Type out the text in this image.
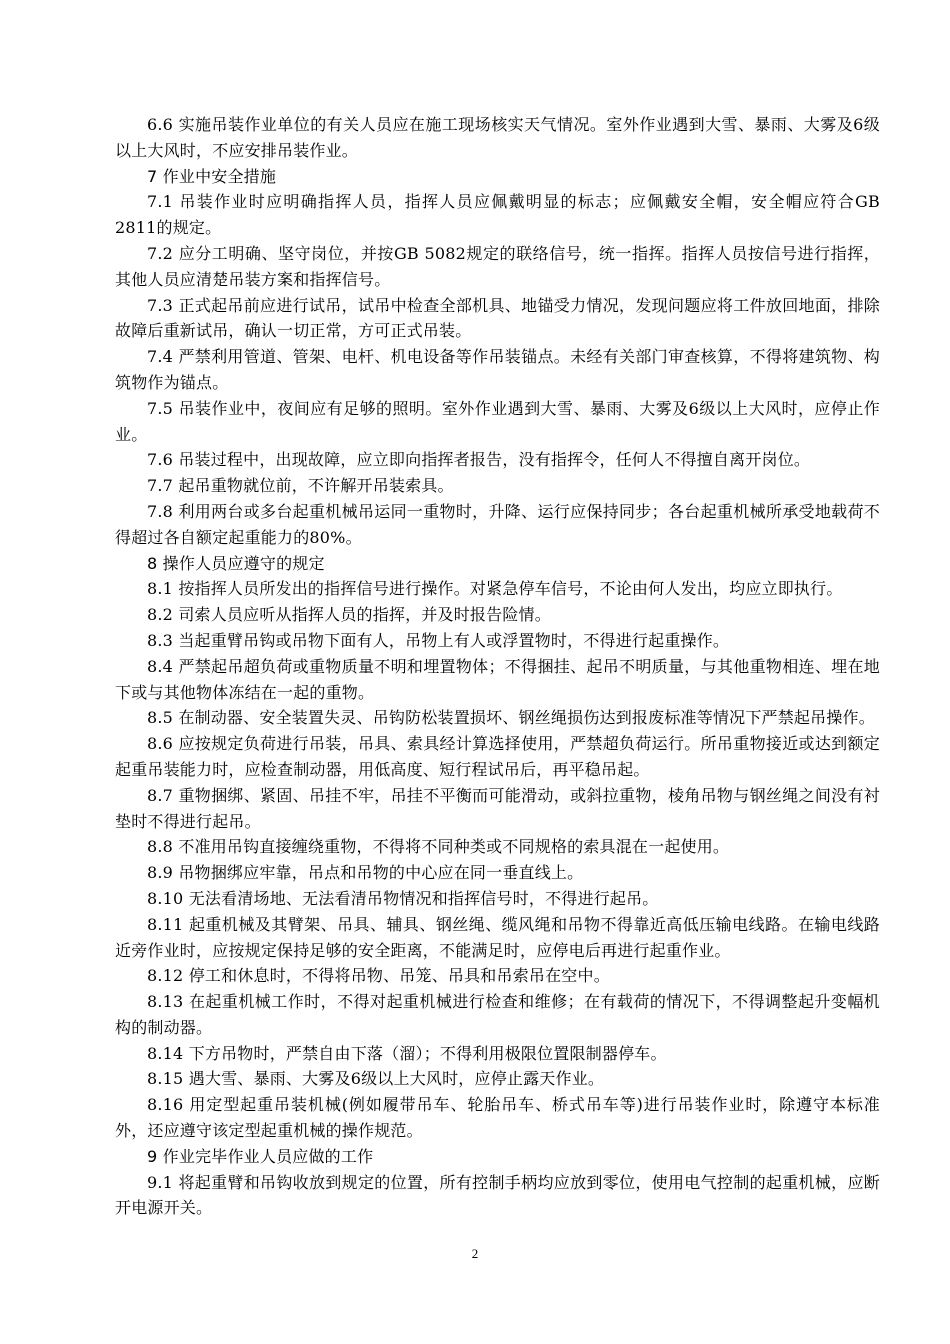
6.6 实施吊装作业单位的有关人员应在施工现场核实天气情况。室外作业遇到大雪、暴雨、大雾及6级以上大风时，不应安排吊装作业。

7 作业中安全措施

7.1 吊装作业时应明确指挥人员，指挥人员应佩戴明显的标志；应佩戴安全帽，安全帽应符合GB 2811的规定。

7.2 应分工明确、坚守岗位，并按GB 5082规定的联络信号，统一指挥。指挥人员按信号进行指挥，其他人员应清楚吊装方案和指挥信号。

7.3 正式起吊前应进行试吊，试吊中检查全部机具、地锚受力情况，发现问题应将工件放回地面，排除故障后重新试吊，确认一切正常，方可正式吊装。

7.4 严禁利用管道、管架、电杆、机电设备等作吊装锚点。未经有关部门审查核算，不得将建筑物、构筑物作为锚点。

7.5 吊装作业中，夜间应有足够的照明。室外作业遇到大雪、暴雨、大雾及6级以上大风时，应停止作业。

7.6 吊装过程中，出现故障，应立即向指挥者报告，没有指挥令，任何人不得擅自离开岗位。

7.7 起吊重物就位前，不许解开吊装索具。

7.8 利用两台或多台起重机械吊运同一重物时，升降、运行应保持同步；各台起重机械所承受地载荷不得超过各自额定起重能力的80%。

8 操作人员应遵守的规定

8.1 按指挥人员所发出的指挥信号进行操作。对紧急停车信号，不论由何人发出，均应立即执行。

8.2 司索人员应听从指挥人员的指挥，并及时报告险情。

8.3 当起重臂吊钩或吊物下面有人，吊物上有人或浮置物时，不得进行起重操作。

8.4 严禁起吊超负荷或重物质量不明和埋置物体；不得捆挂、起吊不明质量，与其他重物相连、埋在地下或与其他物体冻结在一起的重物。

8.5 在制动器、安全装置失灵、吊钩防松装置损坏、钢丝绳损伤达到报废标准等情况下严禁起吊操作。

8.6 应按规定负荷进行吊装，吊具、索具经计算选择使用，严禁超负荷运行。所吊重物接近或达到额定起重吊装能力时，应检查制动器，用低高度、短行程试吊后，再平稳吊起。

8.7 重物捆绑、紧固、吊挂不牢，吊挂不平衡而可能滑动，或斜拉重物，棱角吊物与钢丝绳之间没有衬垫时不得进行起吊。

8.8 不准用吊钩直接缠绕重物，不得将不同种类或不同规格的索具混在一起使用。

8.9 吊物捆绑应牢靠，吊点和吊物的中心应在同一垂直线上。

8.10 无法看清场地、无法看清吊物情况和指挥信号时，不得进行起吊。

8.11 起重机械及其臂架、吊具、辅具、钢丝绳、缆风绳和吊物不得靠近高低压输电线路。在输电线路近旁作业时，应按规定保持足够的安全距离，不能满足时，应停电后再进行起重作业。

8.12 停工和休息时，不得将吊物、吊笼、吊具和吊索吊在空中。

8.13 在起重机械工作时，不得对起重机械进行检查和维修；在有载荷的情况下，不得调整起升变幅机构的制动器。

8.14 下方吊物时，严禁自由下落（溜）；不得利用极限位置限制器停车。

8.15 遇大雪、暴雨、大雾及6级以上大风时，应停止露天作业。

8.16 用定型起重吊装机械(例如履带吊车、轮胎吊车、桥式吊车等)进行吊装作业时，除遵守本标准外，还应遵守该定型起重机械的操作规范。

9 作业完毕作业人员应做的工作

9.1 将起重臂和吊钩收放到规定的位置，所有控制手柄均应放到零位，使用电气控制的起重机械，应断开电源开关。

2
